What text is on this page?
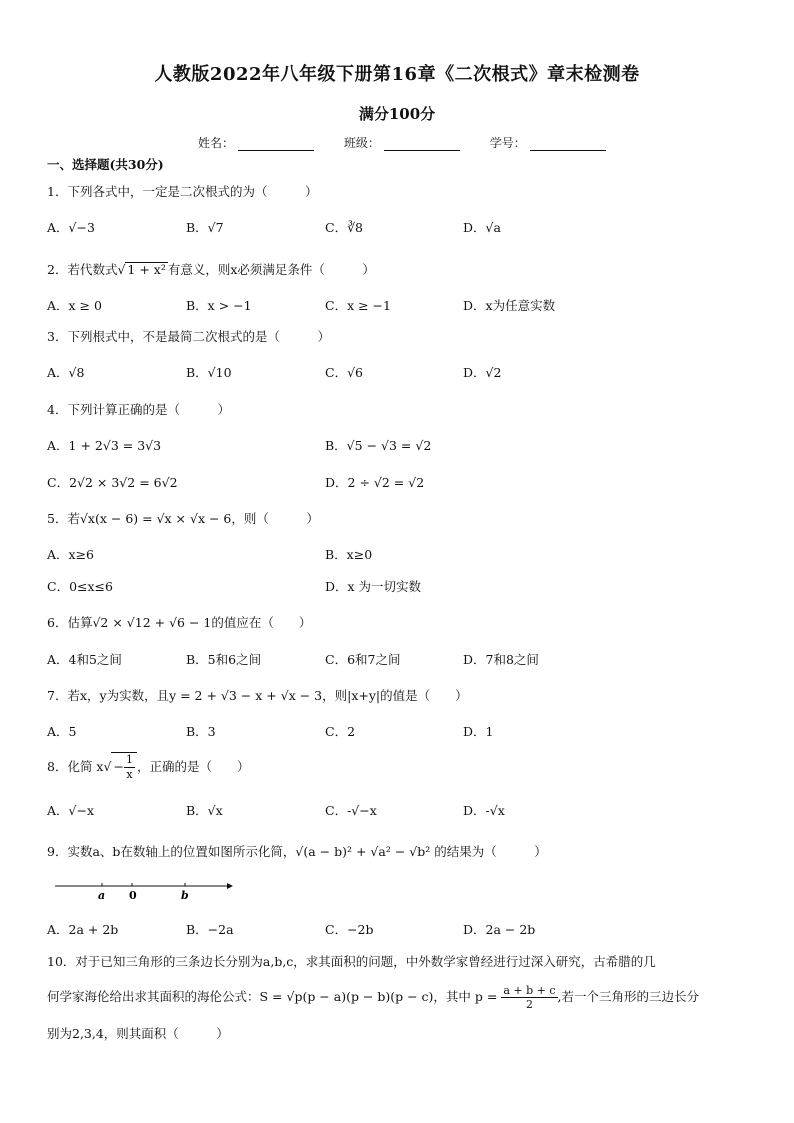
人教版2022年八年级下册第16章《二次根式》章末检测卷
满分100分
姓名：	班级：	学号：
一、选择题(共30分)
1．下列各式中，一定是二次根式的为（　　　）
A．√−3	B．√7	C．∛8	D．√a
2．若代数式√ 1 + x² 有意义，则x必须满足条件（　　　）
A．x ≥ 0	B．x > −1	C．x ≥ −1	D．x为任意实数
3．下列根式中，不是最简二次根式的是（　　　）
A．√8	B．√10	C．√6	D．√2
4．下列计算正确的是（　　　）
A．1 + 2√3 = 3√3	B．√5 − √3 = √2
C．2√2 × 3√2 = 6√2	D．2 ÷ √2 = √2
5．若√x(x − 6) = √x × √x − 6，则（　　　）
A．x≥6	B．x≥0
C．0≤x≤6	D．x 为一切实数
6．估算√2 × √12 + √6 − 1的值应在（　　）
A．4和5之间	B．5和6之间	C．6和7之间	D．7和8之间
7．若x，y为实数，且y = 2 + √3 − x + √x − 3，则|x+y|的值是（　　）
A．5	B．3	C．2	D．1
8．化简 $x√ - \frac{1}{x}$ ，正确的是（　　）
A．√−x	B．√x	C．-√−x	D．-√x
9．实数a、b在数轴上的位置如图所示化简，√(a − b)² + √a² − √b² 的结果为（　　　）
a 0	b
A．2a + 2b	B．−2a	C．−2b	D．2a − 2b
10．对于已知三角形的三条边长分别为a,b,c，求其面积的问题，中外数学家曾经进行过深入研究，古希腊的几
何学家海伦给出求其面积的海伦公式：S = √p(p − a)(p − b)(p − c)，其中 $p = \frac{a + b + c}{2}$ ,若一个三角形的三边长分
别为2,3,4，则其面积（　　　）
